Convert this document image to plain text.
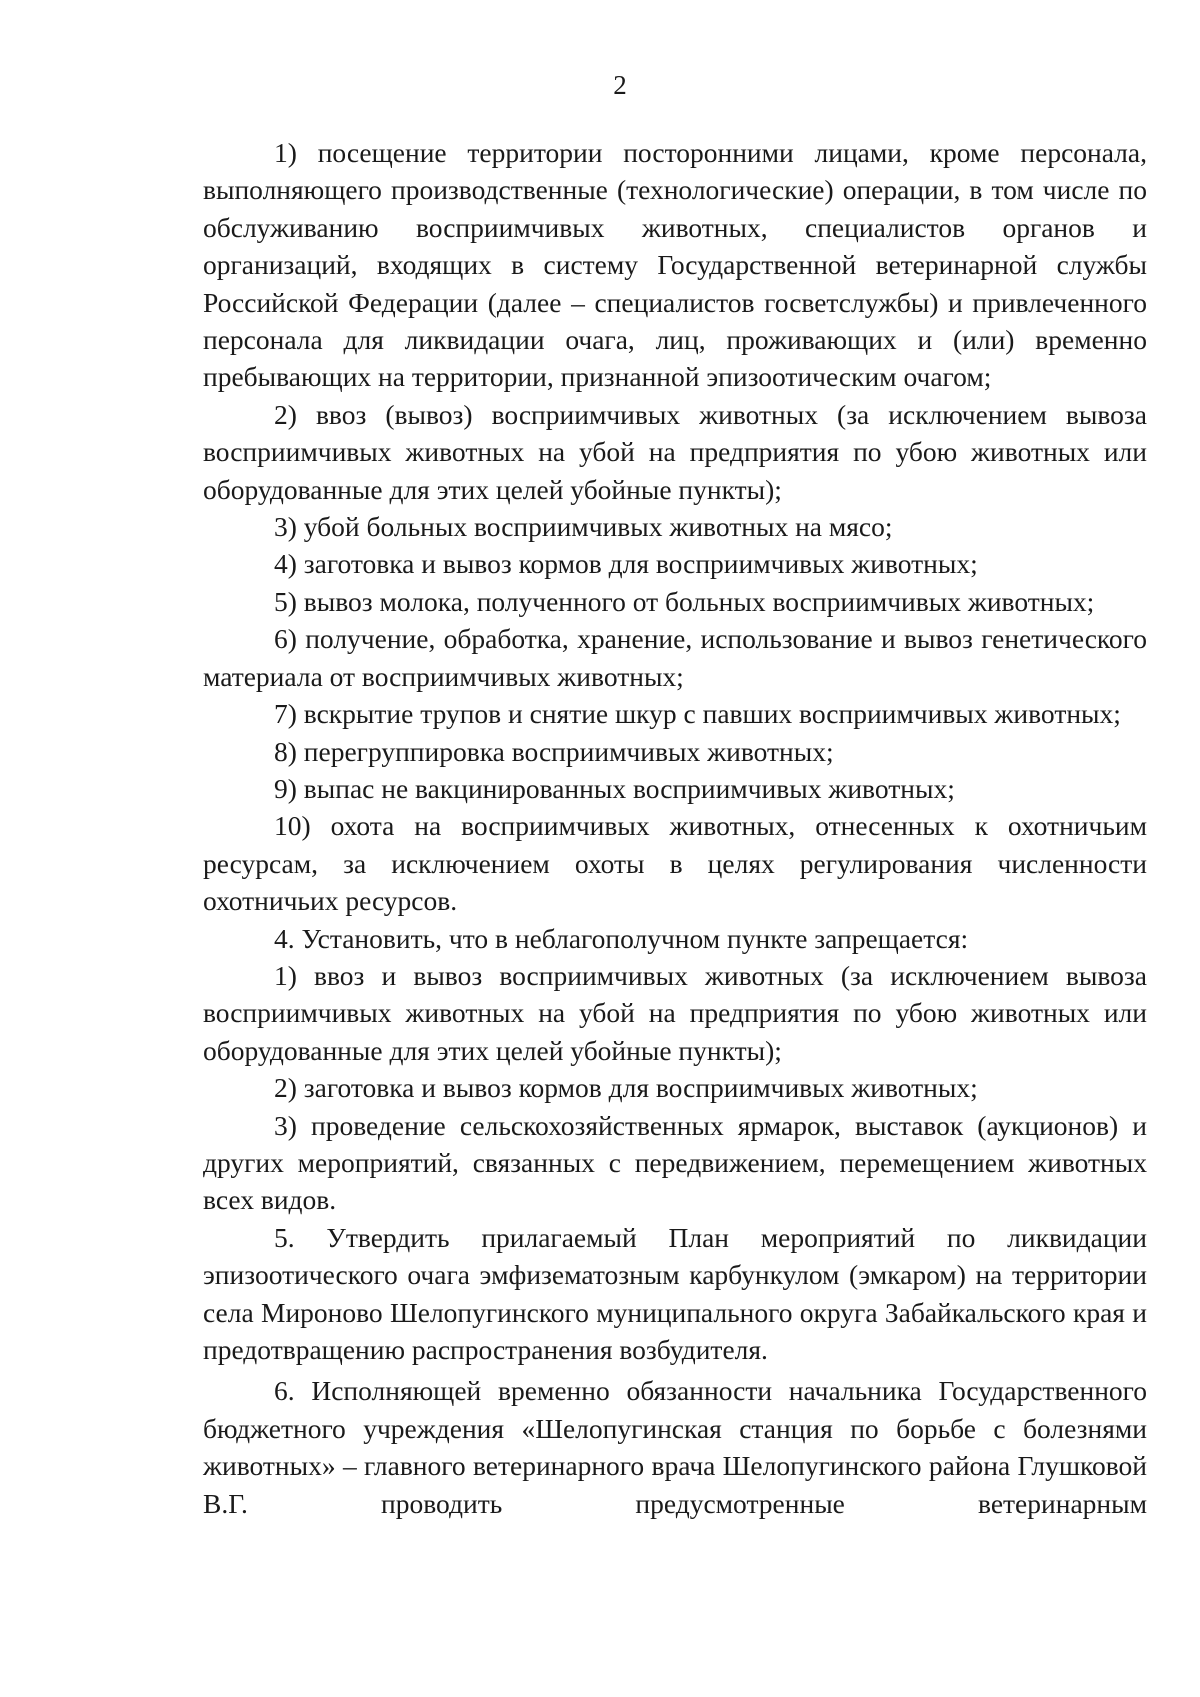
2

1) посещение территории посторонними лицами, кроме персонала, выполняющего производственные (технологические) операции, в том числе по обслуживанию восприимчивых животных, специалистов органов и организаций, входящих в систему Государственной ветеринарной службы Российской Федерации (далее – специалистов госветслужбы) и привлеченного персонала для ликвидации очага, лиц, проживающих и (или) временно пребывающих на территории, признанной эпизоотическим очагом;

2) ввоз (вывоз) восприимчивых животных (за исключением вывоза восприимчивых животных на убой на предприятия по убою животных или оборудованные для этих целей убойные пункты);

3) убой больных восприимчивых животных на мясо;

4) заготовка и вывоз кормов для восприимчивых животных;

5) вывоз молока, полученного от больных восприимчивых животных;

6) получение, обработка, хранение, использование и вывоз генетического материала от восприимчивых животных;

7) вскрытие трупов и снятие шкур с павших восприимчивых животных;

8) перегруппировка восприимчивых животных;

9) выпас не вакцинированных восприимчивых животных;

10) охота на восприимчивых животных, отнесенных к охотничьим ресурсам, за исключением охоты в целях регулирования численности охотничьих ресурсов.

4. Установить, что в неблагополучном пункте запрещается:

1) ввоз и вывоз восприимчивых животных (за исключением вывоза восприимчивых животных на убой на предприятия по убою животных или оборудованные для этих целей убойные пункты);

2) заготовка и вывоз кормов для восприимчивых животных;

3) проведение сельскохозяйственных ярмарок, выставок (аукционов) и других мероприятий, связанных с передвижением, перемещением животных всех видов.

5. Утвердить прилагаемый План мероприятий по ликвидации эпизоотического очага эмфизематозным карбункулом (эмкаром) на территории села Мироново Шелопугинского муниципального округа Забайкальского края и предотвращению распространения возбудителя.

6. Исполняющей временно обязанности начальника Государственного бюджетного учреждения «Шелопугинская станция по борьбе с болезнями животных» – главного ветеринарного врача Шелопугинского района Глушковой В.Г. проводить предусмотренные ветеринарным
